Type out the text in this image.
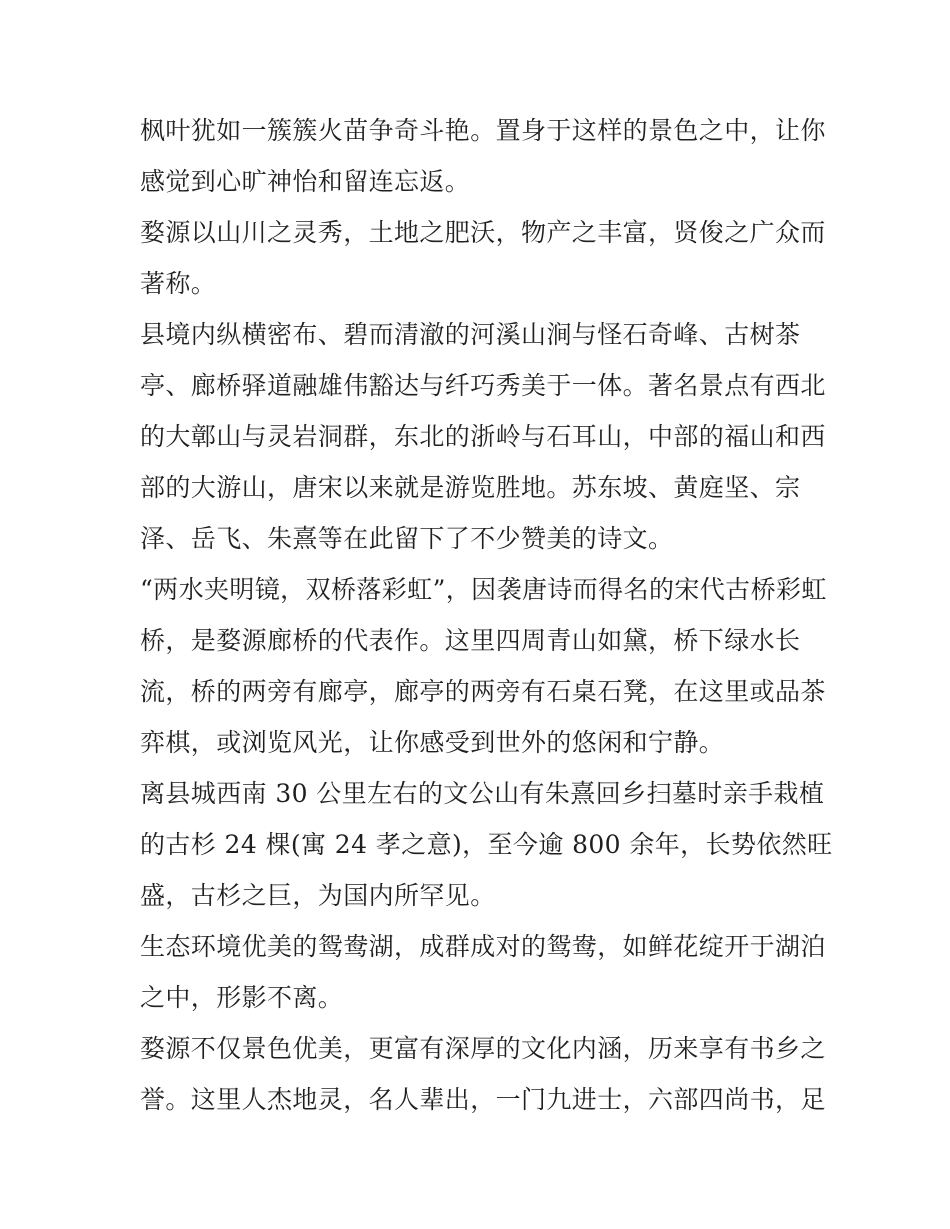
枫叶犹如一簇簇火苗争奇斗艳。置身于这样的景色之中，让你
感觉到心旷神怡和留连忘返。
婺源以山川之灵秀，土地之肥沃，物产之丰富，贤俊之广众而
著称。
县境内纵横密布、碧而清澈的河溪山涧与怪石奇峰、古树茶
亭、廊桥驿道融雄伟豁达与纤巧秀美于一体。著名景点有西北
的大鄣山与灵岩洞群，东北的浙岭与石耳山，中部的福山和西
部的大游山，唐宋以来就是游览胜地。苏东坡、黄庭坚、宗
泽、岳飞、朱熹等在此留下了不少赞美的诗文。
“两水夹明镜，双桥落彩虹”，因袭唐诗而得名的宋代古桥彩虹
桥，是婺源廊桥的代表作。这里四周青山如黛，桥下绿水长
流，桥的两旁有廊亭，廊亭的两旁有石桌石凳，在这里或品茶
弈棋，或浏览风光，让你感受到世外的悠闲和宁静。
离县城西南 30 公里左右的文公山有朱熹回乡扫墓时亲手栽植
的古杉 24 棵(寓 24 孝之意)，至今逾 800 余年，长势依然旺
盛，古杉之巨，为国内所罕见。
生态环境优美的鸳鸯湖，成群成对的鸳鸯，如鲜花绽开于湖泊
之中，形影不离。
婺源不仅景色优美，更富有深厚的文化内涵，历来享有书乡之
誉。这里人杰地灵，名人辈出，一门九进士，六部四尚书，足
